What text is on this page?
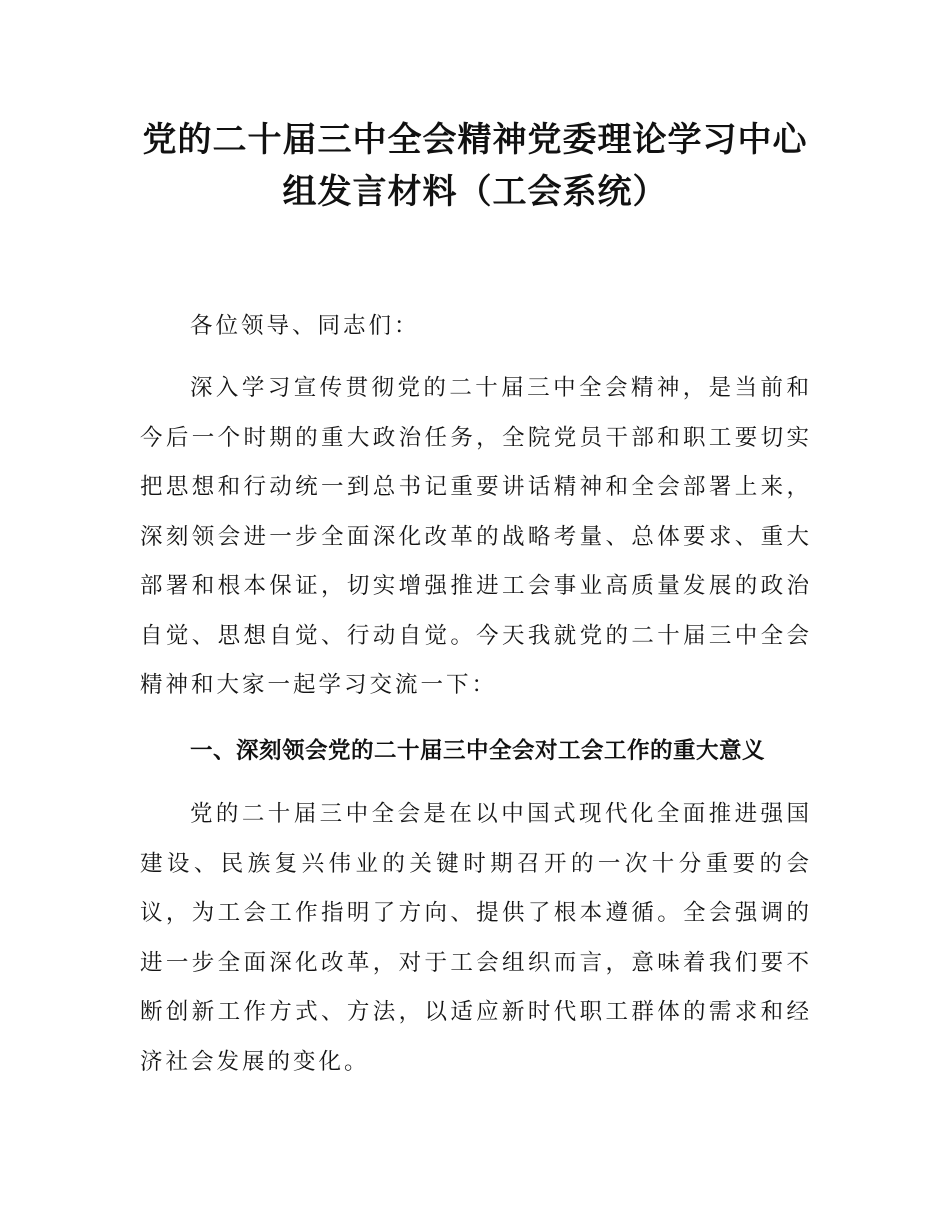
党的二十届三中全会精神党委理论学习中心
组发言材料（工会系统）

各位领导、同志们：

深入学习宣传贯彻党的二十届三中全会精神，是当前和今后一个时期的重大政治任务，全院党员干部和职工要切实把思想和行动统一到总书记重要讲话精神和全会部署上来，深刻领会进一步全面深化改革的战略考量、总体要求、重大部署和根本保证，切实增强推进工会事业高质量发展的政治自觉、思想自觉、行动自觉。今天我就党的二十届三中全会精神和大家一起学习交流一下：

一、深刻领会党的二十届三中全会对工会工作的重大意义

党的二十届三中全会是在以中国式现代化全面推进强国建设、民族复兴伟业的关键时期召开的一次十分重要的会议，为工会工作指明了方向、提供了根本遵循。全会强调的进一步全面深化改革，对于工会组织而言，意味着我们要不断创新工作方式、方法，以适应新时代职工群体的需求和经济社会发展的变化。
